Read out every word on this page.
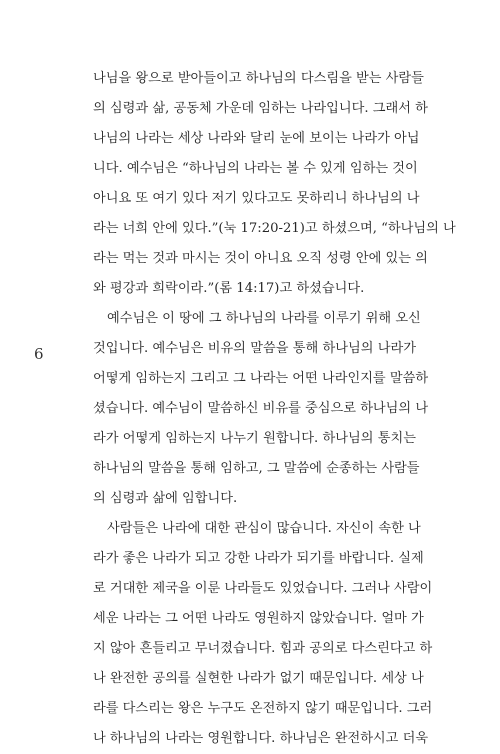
6
나님을 왕으로 받아들이고 하나님의 다스림을 받는 사람들
의 심령과 삶, 공동체 가운데 임하는 나라입니다. 그래서 하
나님의 나라는 세상 나라와 달리 눈에 보이는 나라가 아닙
니다. 예수님은 “하나님의 나라는 볼 수 있게 임하는 것이
아니요 또 여기 있다 저기 있다고도 못하리니 하나님의 나
라는 너희 안에 있다.”(눅 17:20-21)고 하셨으며, “하나님의 나
라는 먹는 것과 마시는 것이 아니요 오직 성령 안에 있는 의
와 평강과 희락이라.”(롬 14:17)고 하셨습니다.
예수님은 이 땅에 그 하나님의 나라를 이루기 위해 오신
것입니다. 예수님은 비유의 말씀을 통해 하나님의 나라가
어떻게 임하는지 그리고 그 나라는 어떤 나라인지를 말씀하
셨습니다. 예수님이 말씀하신 비유를 중심으로 하나님의 나
라가 어떻게 임하는지 나누기 원합니다. 하나님의 통치는
하나님의 말씀을 통해 임하고, 그 말씀에 순종하는 사람들
의 심령과 삶에 임합니다.
사람들은 나라에 대한 관심이 많습니다. 자신이 속한 나
라가 좋은 나라가 되고 강한 나라가 되기를 바랍니다. 실제
로 거대한 제국을 이룬 나라들도 있었습니다. 그러나 사람이
세운 나라는 그 어떤 나라도 영원하지 않았습니다. 얼마 가
지 않아 흔들리고 무너졌습니다. 힘과 공의로 다스린다고 하
나 완전한 공의를 실현한 나라가 없기 때문입니다. 세상 나
라를 다스리는 왕은 누구도 온전하지 않기 때문입니다. 그러
나 하나님의 나라는 영원합니다. 하나님은 완전하시고 더욱
